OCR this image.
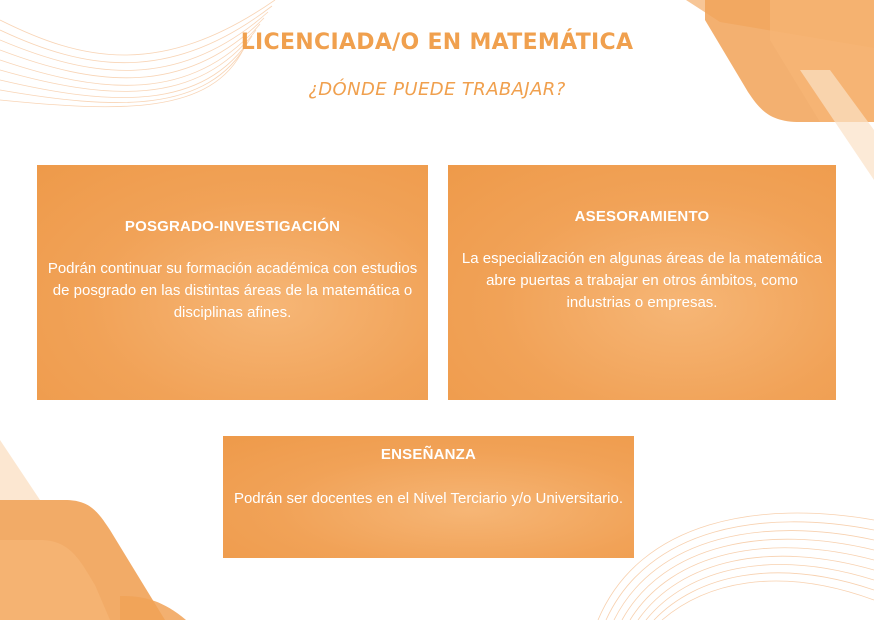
LICENCIADA/O EN MATEMÁTICA
¿DÓNDE PUEDE TRABAJAR?
POSGRADO-INVESTIGACIÓN
Podrán continuar su formación académica con estudios de posgrado en las distintas áreas de la matemática o disciplinas afines.
ASESORAMIENTO
La especialización en algunas áreas de la matemática abre puertas a trabajar en otros ámbitos, como industrias o empresas.
ENSEÑANZA
Podrán ser docentes en el Nivel Terciario y/o Universitario.
